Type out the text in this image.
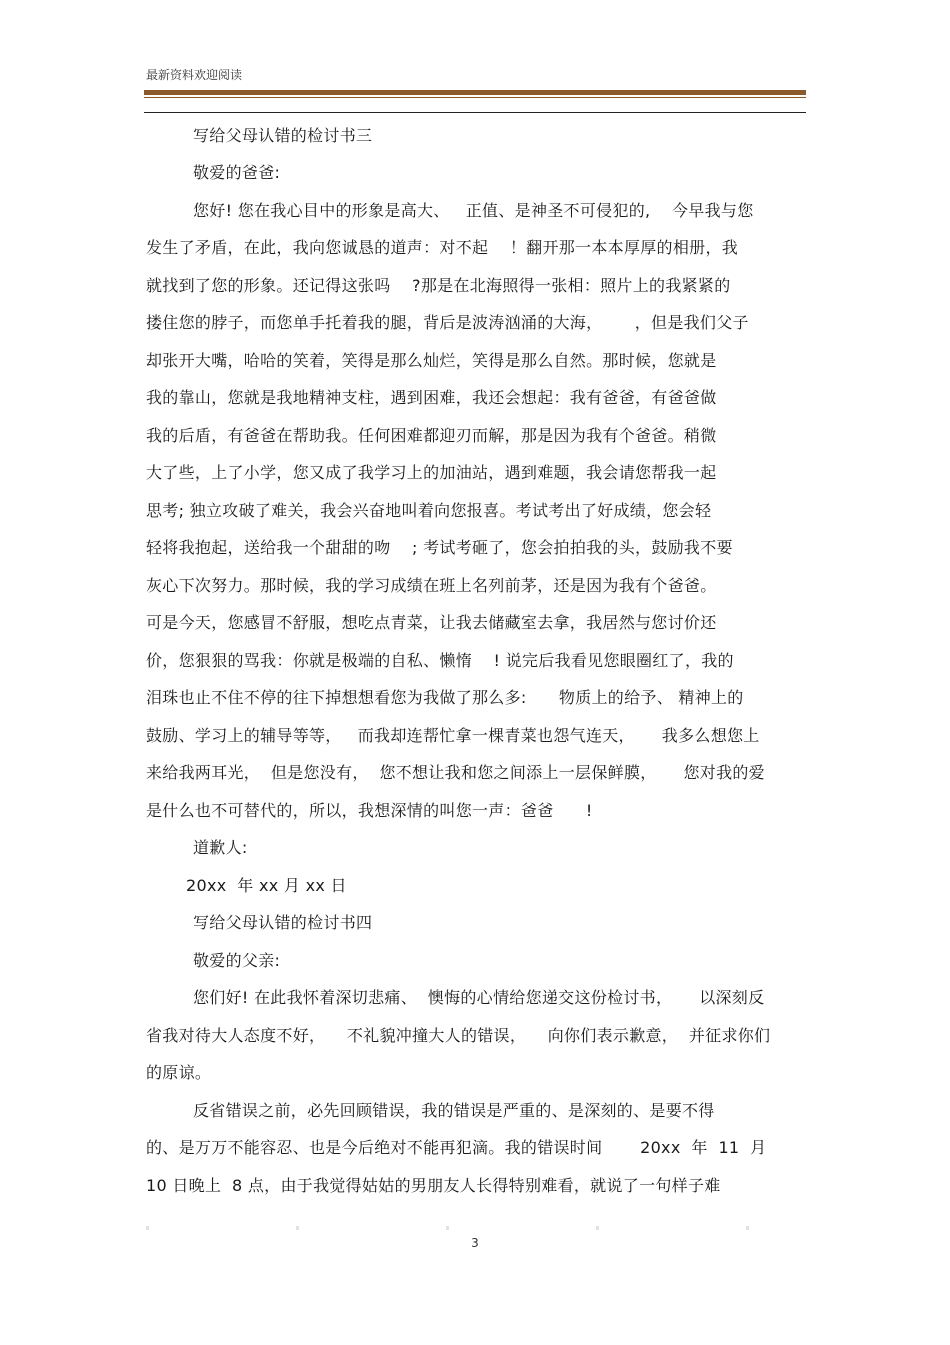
最新资料欢迎阅读
写给父母认错的检讨书三
敬爱的爸爸:
您好! 您在我心目中的形象是高大、   正值、是神圣不可侵犯的,    今早我与您
发生了矛盾，在此，我向您诚恳的道声：对不起    ！翻开那一本本厚厚的相册，我
就找到了您的形象。还记得这张吗    ?那是在北海照得一张相：照片上的我紧紧的
搂住您的脖子，而您单手托着我的腿，背后是波涛汹涌的大海，      ，但是我们父子
却张开大嘴，哈哈的笑着，笑得是那么灿烂，笑得是那么自然。那时候，您就是
我的靠山，您就是我地精神支柱，遇到困难，我还会想起：我有爸爸，有爸爸做
我的后盾，有爸爸在帮助我。任何困难都迎刃而解，那是因为我有个爸爸。稍微
大了些，上了小学，您又成了我学习上的加油站，遇到难题，我会请您帮我一起
思考; 独立攻破了难关，我会兴奋地叫着向您报喜。考试考出了好成绩，您会轻
轻将我抱起，送给我一个甜甜的吻    ; 考试考砸了，您会拍拍我的头，鼓励我不要
灰心下次努力。那时候，我的学习成绩在班上名列前茅，还是因为我有个爸爸。
可是今天，您感冒不舒服，想吃点青菜，让我去储藏室去拿，我居然与您讨价还
价，您狠狠的骂我：你就是极端的自私、懒惰    ! 说完后我看见您眼圈红了，我的
泪珠也止不住不停的往下掉想想看您为我做了那么多:      物质上的给予、 精神上的
鼓励、学习上的辅导等等，   而我却连帮忙拿一棵青菜也怨气连天，     我多么想您上
来给我两耳光，  但是您没有，  您不想让我和您之间添上一层保鲜膜，     您对我的爱
是什么也不可替代的，所以，我想深情的叫您一声：爸爸      !
道歉人:
20xx  年 xx 月 xx 日
写给父母认错的检讨书四
敬爱的父亲:
您们好! 在此我怀着深切悲痛、  懊悔的心情给您递交这份检讨书，     以深刻反
省我对待大人态度不好，    不礼貌冲撞大人的错误，    向你们表示歉意，  并征求你们
的原谅。
反省错误之前，必先回顾错误，我的错误是严重的、是深刻的、是要不得
的、是万万不能容忍、也是今后绝对不能再犯滴。我的错误时间       20xx  年  11  月
10 日晚上  8 点，由于我觉得姑姑的男朋友人长得特别难看，就说了一句样子难
3
